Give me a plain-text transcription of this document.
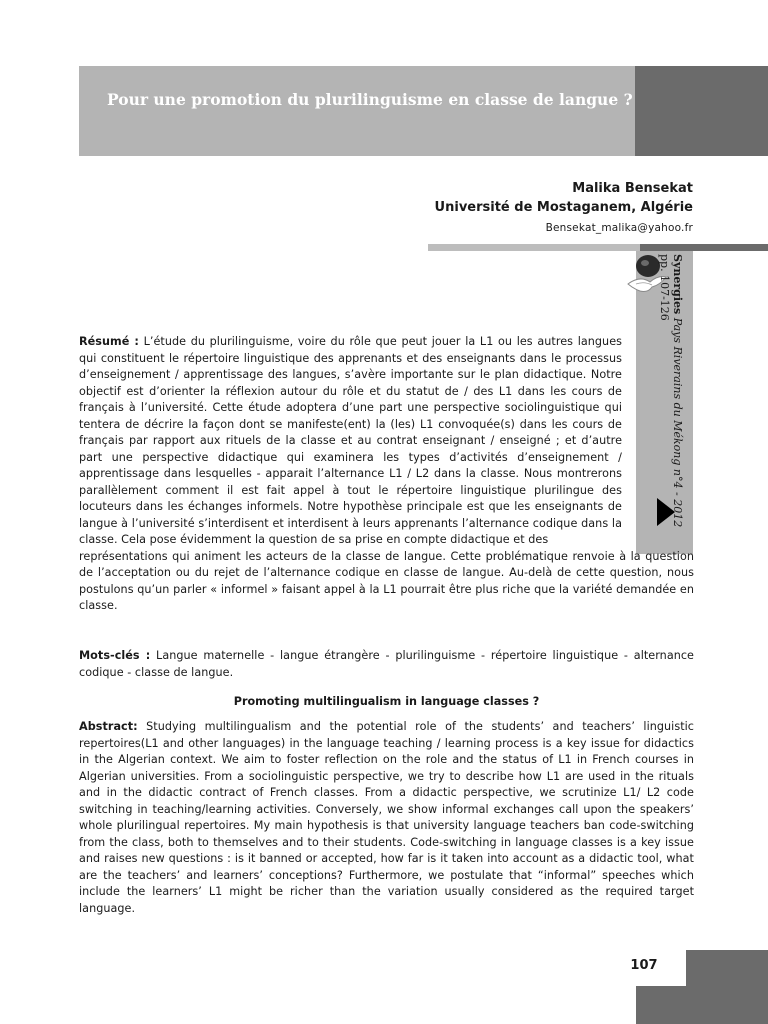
Pour une promotion du plurilinguisme en classe de langue ?
Malika Bensekat
Université de Mostaganem, Algérie
Bensekat_malika@yahoo.fr
Synergies Pays Riverains du Mékong n°4 - 2012
pp. 107-126
Résumé : L’étude du plurilinguisme, voire du rôle que peut jouer la L1 ou les autres langues qui constituent le répertoire linguistique des apprenants et des enseignants dans le processus d’enseignement / apprentissage des langues, s’avère importante sur le plan didactique. Notre objectif est d’orienter la réflexion autour du rôle et du statut de / des L1 dans les cours de français à l’université. Cette étude adoptera d’une part une perspective sociolinguistique qui tentera de décrire la façon dont se manifeste(ent) la (les) L1 convoquée(s) dans les cours de français par rapport aux rituels de la classe et au contrat enseignant / enseigné ; et d’autre part une perspective didactique qui examinera les types d’activités d’enseignement / apprentissage dans lesquelles - apparait l’alternance L1 / L2 dans la classe. Nous montrerons parallèlement comment il est fait appel à tout le répertoire linguistique plurilingue des locuteurs dans les échanges informels. Notre hypothèse principale est que les enseignants de langue à l’université s’interdisent et interdisent à leurs apprenants l’alternance codique dans la classe. Cela pose évidemment la question de sa prise en compte didactique et des
représentations qui animent les acteurs de la classe de langue. Cette problématique renvoie à la question de l’acceptation ou du rejet de l’alternance codique en classe de langue. Au-delà de cette question, nous postulons qu’un parler « informel » faisant appel à la L1 pourrait être plus riche que la variété demandée en classe.
Mots-clés : Langue maternelle - langue étrangère - plurilinguisme - répertoire linguistique - alternance codique - classe de langue.
Promoting multilingualism in language classes ?
Abstract: Studying multilingualism and the potential role of the students’ and teachers’ linguistic repertoires(L1 and other languages) in the language teaching / learning process is a key issue for didactics in the Algerian context. We aim to foster reflection on the role and the status of L1 in French courses in Algerian universities. From a sociolinguistic perspective, we try to describe how L1 are used in the rituals and in the didactic contract of French classes. From a didactic perspective, we scrutinize L1/ L2 code switching in teaching/learning activities. Conversely, we show informal exchanges call upon the speakers’ whole plurilingual repertoires. My main hypothesis is that university language teachers ban code-switching from the class, both to themselves and to their students. Code-switching in language classes is a key issue and raises new questions : is it banned or accepted, how far is it taken into account as a didactic tool, what are the teachers’ and learners’ conceptions? Furthermore, we postulate that “informal” speeches which include the learners’ L1 might be richer than the variation usually considered as the required target language.
107
